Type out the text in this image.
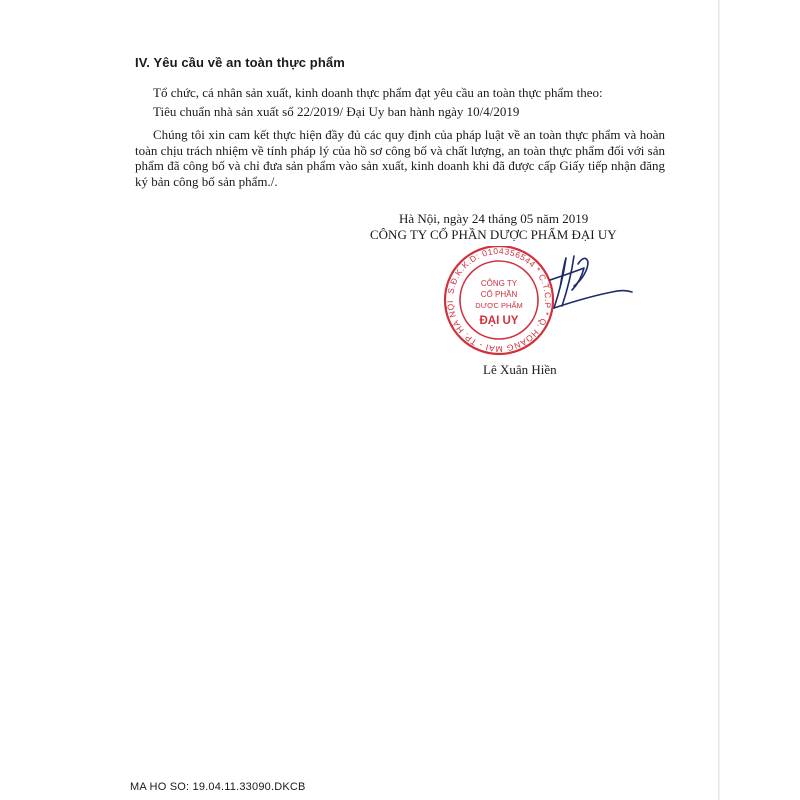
IV. Yêu cầu về an toàn thực phẩm
Tổ chức, cá nhân sản xuất, kinh doanh thực phẩm đạt yêu cầu an toàn thực phẩm theo:
Tiêu chuẩn nhà sản xuất số 22/2019/ Đại Uy ban hành ngày 10/4/2019
Chúng tôi xin cam kết thực hiện đầy đủ các quy định của pháp luật về an toàn thực phẩm và hoàn toàn chịu trách nhiệm về tính pháp lý của hồ sơ công bố và chất lượng, an toàn thực phẩm đối với sản phẩm đã công bố và chỉ đưa sản phẩm vào sản xuất, kinh doanh khi đã được cấp Giấy tiếp nhận đăng ký bản công bố sản phẩm./.
Hà Nội, ngày 24 tháng 05 năm 2019
CÔNG TY CỔ PHẦN DƯỢC PHẨM ĐẠI UY
S.Đ.K.K.D: 0104356544 * C.T.C.P * Q. HOÀNG MAI - TP. HÀ NỘI
CÔNG TY
CỔ PHẦN
DƯỢC PHẨM
ĐẠI UY
Lê Xuân Hiền
MA HO SO: 19.04.11.33090.DKCB
